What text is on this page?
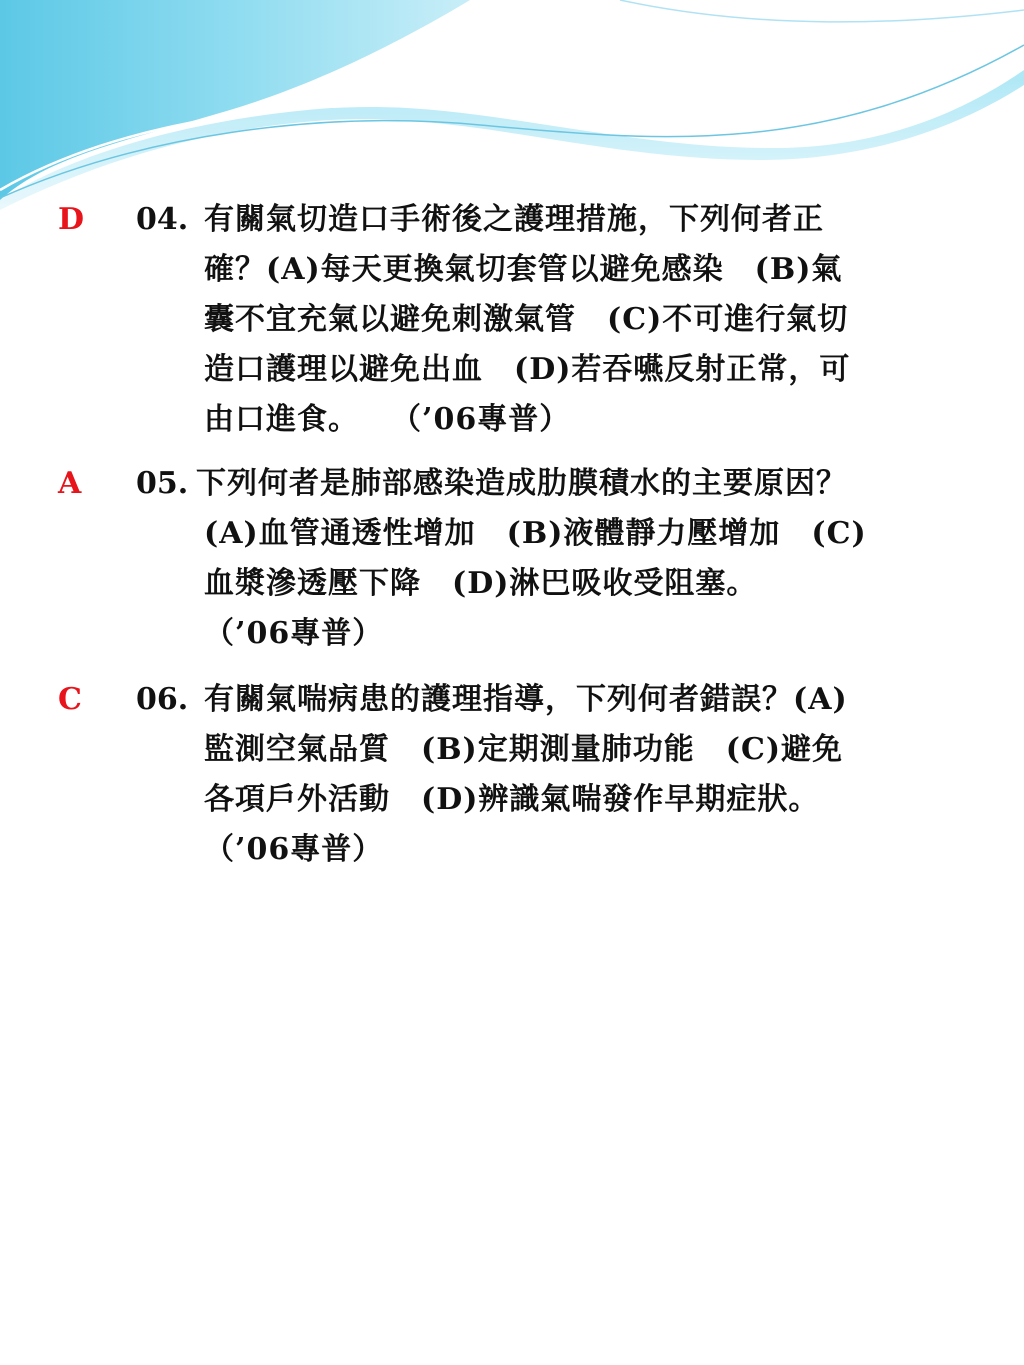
D 04. 有關氣切造口手術後之護理措施，下列何者正
確？(A)每天更換氣切套管以避免感染　(B)氣
囊不宜充氣以避免刺激氣管　(C)不可進行氣切
造口護理以避免出血　(D)若吞嚥反射正常，可
由口進食。　　（’06專普）
A 05. 下列何者是肺部感染造成肋膜積水的主要原因？
(A)血管通透性增加　(B)液體靜力壓增加　(C)
血漿滲透壓下降　(D)淋巴吸收受阻塞。
（’06專普）
C 06. 有關氣喘病患的護理指導，下列何者錯誤？(A)
監測空氣品質　(B)定期測量肺功能　(C)避免
各項戶外活動　(D)辨識氣喘發作早期症狀。
（’06專普）
